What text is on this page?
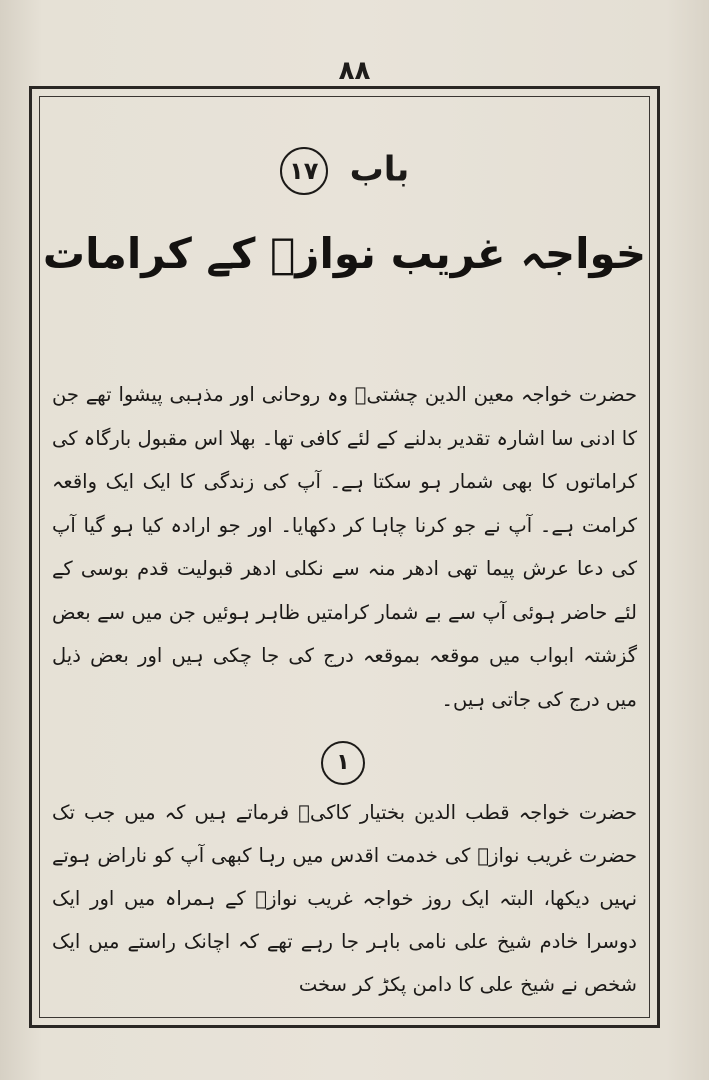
۸۸
باب ۱۷
خواجہ غریب نوازؒ کے کرامات
حضرت خواجہ معین الدین چشتیؒ وہ روحانی اور مذہبی پیشوا تھے جن کا ادنی سا اشارہ تقدیر بدلنے کے لئے کافی تھا۔ بھلا اس مقبول بارگاہ کی کراماتوں کا بھی شمار ہو سکتا ہے۔ آپ کی زندگی کا ایک ایک واقعہ کرامت ہے۔ آپ نے جو کرنا چاہا کر دکھایا۔ اور جو ارادہ کیا ہو گیا آپ کی دعا عرش پیما تھی ادھر منہ سے نکلی ادھر قبولیت قدم بوسی کے لئے حاضر ہوئی آپ سے بے شمار کرامتیں ظاہر ہوئیں جن میں سے بعض گزشتہ ابواب میں موقعہ بموقعہ درج کی جا چکی ہیں اور بعض ذیل میں درج کی جاتی ہیں۔
۱
حضرت خواجہ قطب الدین بختیار کاکیؒ فرماتے ہیں کہ میں جب تک حضرت غریب نوازؒ کی خدمت اقدس میں رہا کبھی آپ کو ناراض ہوتے نہیں دیکھا، البتہ ایک روز خواجہ غریب نوازؒ کے ہمراہ میں اور ایک دوسرا خادم شیخ علی نامی باہر جا رہے تھے کہ اچانک راستے میں ایک شخص نے شیخ علی کا دامن پکڑ کر سخت
